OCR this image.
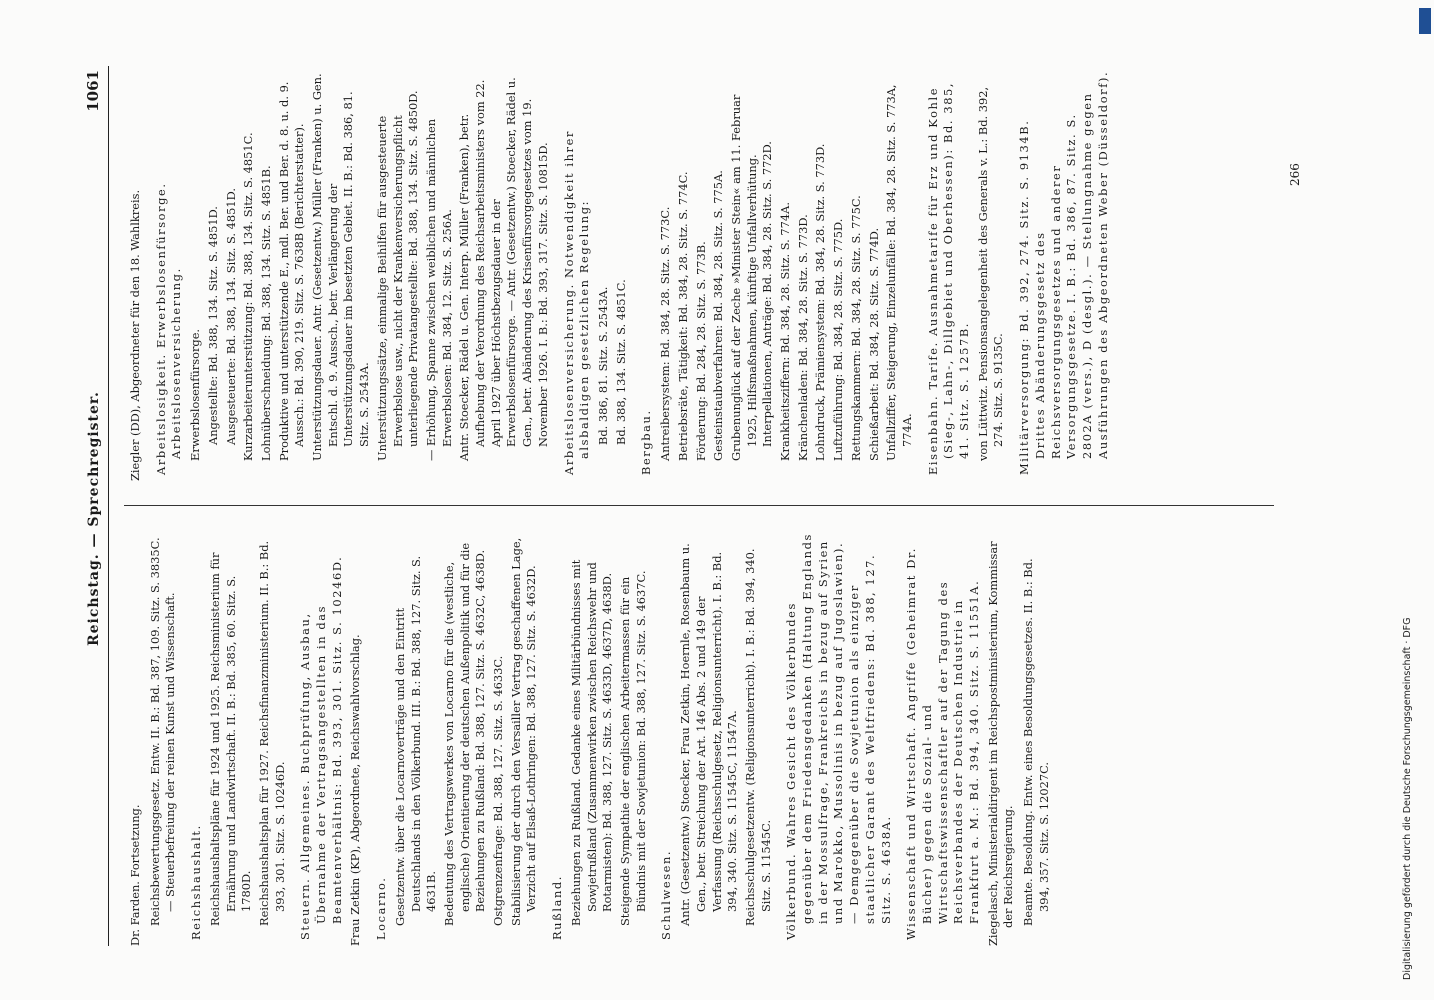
Reichstag. — Sprechregister.
1061
Dr. Farden. Fortsetzung. Reichsbewertungsgesetz. Entw. II. B.: Bd. 387, 109. Sitz. S. 3835C. — Steuerbefreiung der reinen Kunst und Wissenschaft. Reichshaushalt. Reichshaushaltspläne für 1924 und 1925. Reichsministerium für Ernährung und Landwirtschaft. II. B.: Bd. 385, 60. Sitz. S. 1780D. Reichshaushaltsplan für 1927. Reichsfinanzministerium. II. B.: Bd. 393, 301. Sitz. S. 10246D. Steuern. Allgemeines. Buchprüfung, Ausbau, Übernahme der Vertragsangestellten in das Beamtenverhältnis: Bd. 393, 301. Sitz. S. 10246D. Frau Zetkin (KP), Abgeordnete, Reichswahlvorschlag. Locarno. Gesetzentw. über die Locarnoverträge und den Eintritt Deutschlands in den Völkerbund. III. B.: Bd. 388, 127. Sitz. S. 4631B. Bedeutung des Vertragswerkes von Locarno für die (westliche, englische) Orientierung der deutschen Außenpolitik und für die Beziehungen zu Rußland: Bd. 388, 127. Sitz. S. 4632C, 4638D. Ostgrenzenfrage: Bd. 388, 127. Sitz. S. 4633C. Stabilisierung der durch den Versailler Vertrag geschaffenen Lage, Verzicht auf Elsaß-Lothringen: Bd. 388, 127. Sitz. S. 4632D. Rußland. Beziehungen zu Rußland. Gedanke eines Militärbündnisses mit Sowjetrußland (Zusammenwirken zwischen Reichswehr und Rotarmisten): Bd. 388, 127. Sitz. S. 4633D, 4637D, 4638D. Steigende Sympathie der englischen Arbeitermassen für ein Bündnis mit der Sowjetunion: Bd. 388, 127. Sitz. S. 4637C. Schulwesen. Antr. (Gesetzentw.) Stoecker, Frau Zetkin, Hoernle, Rosenbaum u. Gen., betr. Streichung der Art. 146 Abs. 2 und 149 der Verfassung (Reichsschulgesetz, Religionsunterricht). I. B.: Bd. 394, 340. Sitz. S. 11545C, 11547A. Reichsschulgesetzentw. (Religionsunterricht). I. B.: Bd. 394, 340. Sitz. S. 11545C. Völkerbund. Wahres Gesicht des Völkerbundes gegenüber dem Friedensgedanken (Haltung Englands in der Mossulfrage, Frankreichs in bezug auf Syrien und Marokko, Mussolinis in bezug auf Jugoslawien). — Demgegenüber die Sowjetunion als einziger staatlicher Garant des Weltfriedens: Bd. 388, 127. Sitz. S. 4638A. Wissenschaft und Wirtschaft. Angriffe (Geheimrat Dr. Bücher) gegen die Sozial- und Wirtschaftswissenschaftler auf der Tagung des Reichsverbandes der Deutschen Industrie in Frankfurt a. M.: Bd. 394, 340. Sitz. S. 11551A. Ziegelasch, Ministerialdirigent im Reichspostministerium, Kommissar der Reichsregierung. Beamte. Besoldung. Entw. eines Besoldungsgesetzes. II. B.: Bd. 394, 357. Sitz. S. 12027C.
Ziegler (DD), Abgeordneter für den 18. Wahlkreis. Arbeitslosigkeit. Erwerbslosenfürsorge. Arbeitslosenversicherung. Erwerbslosenfürsorge. Angestellte: Bd. 388, 134. Sitz. S. 4851D. Ausgesteuerte: Bd. 388, 134. Sitz. S. 4851D. Kurzarbeiterunterstützung: Bd. 388, 134. Sitz. S. 4851C. Lohnüberschneidung: Bd. 388, 134. Sitz. S. 4851B. Produktive und unterstützende E., mdl. Ber. und Ber. d. 8. u. d. 9. Aussch.: Bd. 390, 219. Sitz. S. 7638B (Berichterstatter). Unterstützungsdauer. Antr. (Gesetzentw.) Müller (Franken) u. Gen. Entschl. d. 9. Aussch., betr. Verlängerung der Unterstützungsdauer im besetzten Gebiet. II. B.: Bd. 386, 81. Sitz. S. 2543A. Unterstützungssätze, einmalige Beihilfen für ausgesteuerte Erwerbslose usw., nicht der Krankenversicherungspflicht unterliegende Privatangestellte: Bd. 388, 134. Sitz. S. 4850D. — Erhöhung, Spanne zwischen weiblichen und männlichen Erwerbslosen: Bd. 384, 12. Sitz. S. 256A. Antr. Stoecker, Rädel u. Gen. Interp. Müller (Franken), betr. Aufhebung der Verordnung des Reichsarbeitsministers vom 22. April 1927 über Höchstbezugsdauer in der Erwerbslosenfürsorge. — Antr. (Gesetzentw.) Stoecker, Rädel u. Gen., betr. Abänderung des Krisenfürsorgegesetzes vom 19. November 1926. I. B.: Bd. 393, 317. Sitz. S. 10815D. Arbeitslosenversicherung. Notwendigkeit ihrer alsbaldigen gesetzlichen Regelung: Bd. 386, 81. Sitz. S. 2543A. Bd. 388, 134. Sitz. S. 4851C. Bergbau. Antreibersystem: Bd. 384, 28. Sitz. S. 773C. Betriebsräte, Tätigkeit: Bd. 384, 28. Sitz. S. 774C. Förderung: Bd. 284, 28. Sitz. S. 773B. Gesteinstaubverfahren: Bd. 384, 28. Sitz. S. 775A. Grubenunglück auf der Zeche »Minister Stein« am 11. Februar 1925, Hilfsmaßnahmen, künftige Unfallverhütung. Interpellationen, Anträge: Bd. 384, 28. Sitz. S. 772D. Krankheitsziffern: Bd. 384, 28. Sitz. S. 774A. Kränchenladen: Bd. 384, 28. Sitz. S. 773D. Lohndruck, Prämiensystem: Bd. 384, 28. Sitz. S. 773D. Luftzuführung: Bd. 384, 28. Sitz. S. 775D. Rettungskammern: Bd. 384, 28. Sitz. S. 775C. Schießarbeit: Bd. 384, 28. Sitz. S. 774D. Unfallziffer, Steigerung, Einzelunfälle: Bd. 384, 28. Sitz. S. 773A, 774A. Eisenbahn. Tarife. Ausnahmetarife für Erz und Kohle (Sieg-, Lahn-, Dillgebiet und Oberhessen): Bd. 385, 41. Sitz. S. 1257B. von Lüttwitz. Pensionsangelegenheit des Generals v. L.: Bd. 392, 274. Sitz. S. 9135C. Militärversorgung: Bd. 392, 274. Sitz. S. 9134B. Drittes Abänderungsgesetz des Reichsversorgungsgesetzes und anderer Versorgungsgesetze. I. B.: Bd. 386, 87. Sitz. S. 2802A (vers.), D (desgl.). — Stellungnahme gegen Ausführungen des Abgeordneten Weber (Düsseldorf).	266
Digitalisierung gefördert durch die Deutsche Forschungsgemeinschaft · DFG
